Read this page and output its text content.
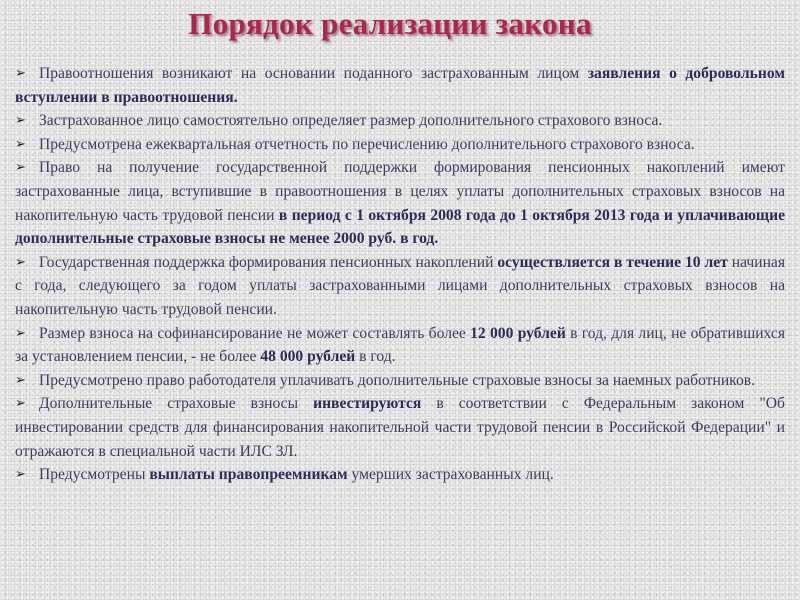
Порядок реализации закона
➢ Правоотношения возникают на основании поданного застрахованным лицом заявления о добровольном вступлении в правоотношения.
➢ Застрахованное лицо самостоятельно определяет размер дополнительного страхового взноса.
➢ Предусмотрена ежеквартальная отчетность по перечислению дополнительного страхового взноса.
➢ Право на получение государственной поддержки формирования пенсионных накоплений имеют застрахованные лица, вступившие в правоотношения в целях уплаты дополнительных страховых взносов на накопительную часть трудовой пенсии в период с 1 октября 2008 года до 1 октября 2013 года и уплачивающие дополнительные страховые взносы не менее 2000 руб. в год.
➢ Государственная поддержка формирования пенсионных накоплений осуществляется в течение 10 лет начиная с года, следующего за годом уплаты застрахованными лицами дополнительных страховых взносов на накопительную часть трудовой пенсии.
➢ Размер взноса на софинансирование не может составлять более 12 000 рублей в год, для лиц, не обратившихся за установлением пенсии, - не более 48 000 рублей в год.
➢ Предусмотрено право работодателя уплачивать дополнительные страховые взносы за наемных работников.
➢ Дополнительные страховые взносы инвестируются в соответствии с Федеральным законом "Об инвестировании средств для финансирования накопительной части трудовой пенсии в Российской Федерации" и отражаются в специальной части ИЛС ЗЛ.
➢ Предусмотрены выплаты правопреемникам умерших застрахованных лиц.
